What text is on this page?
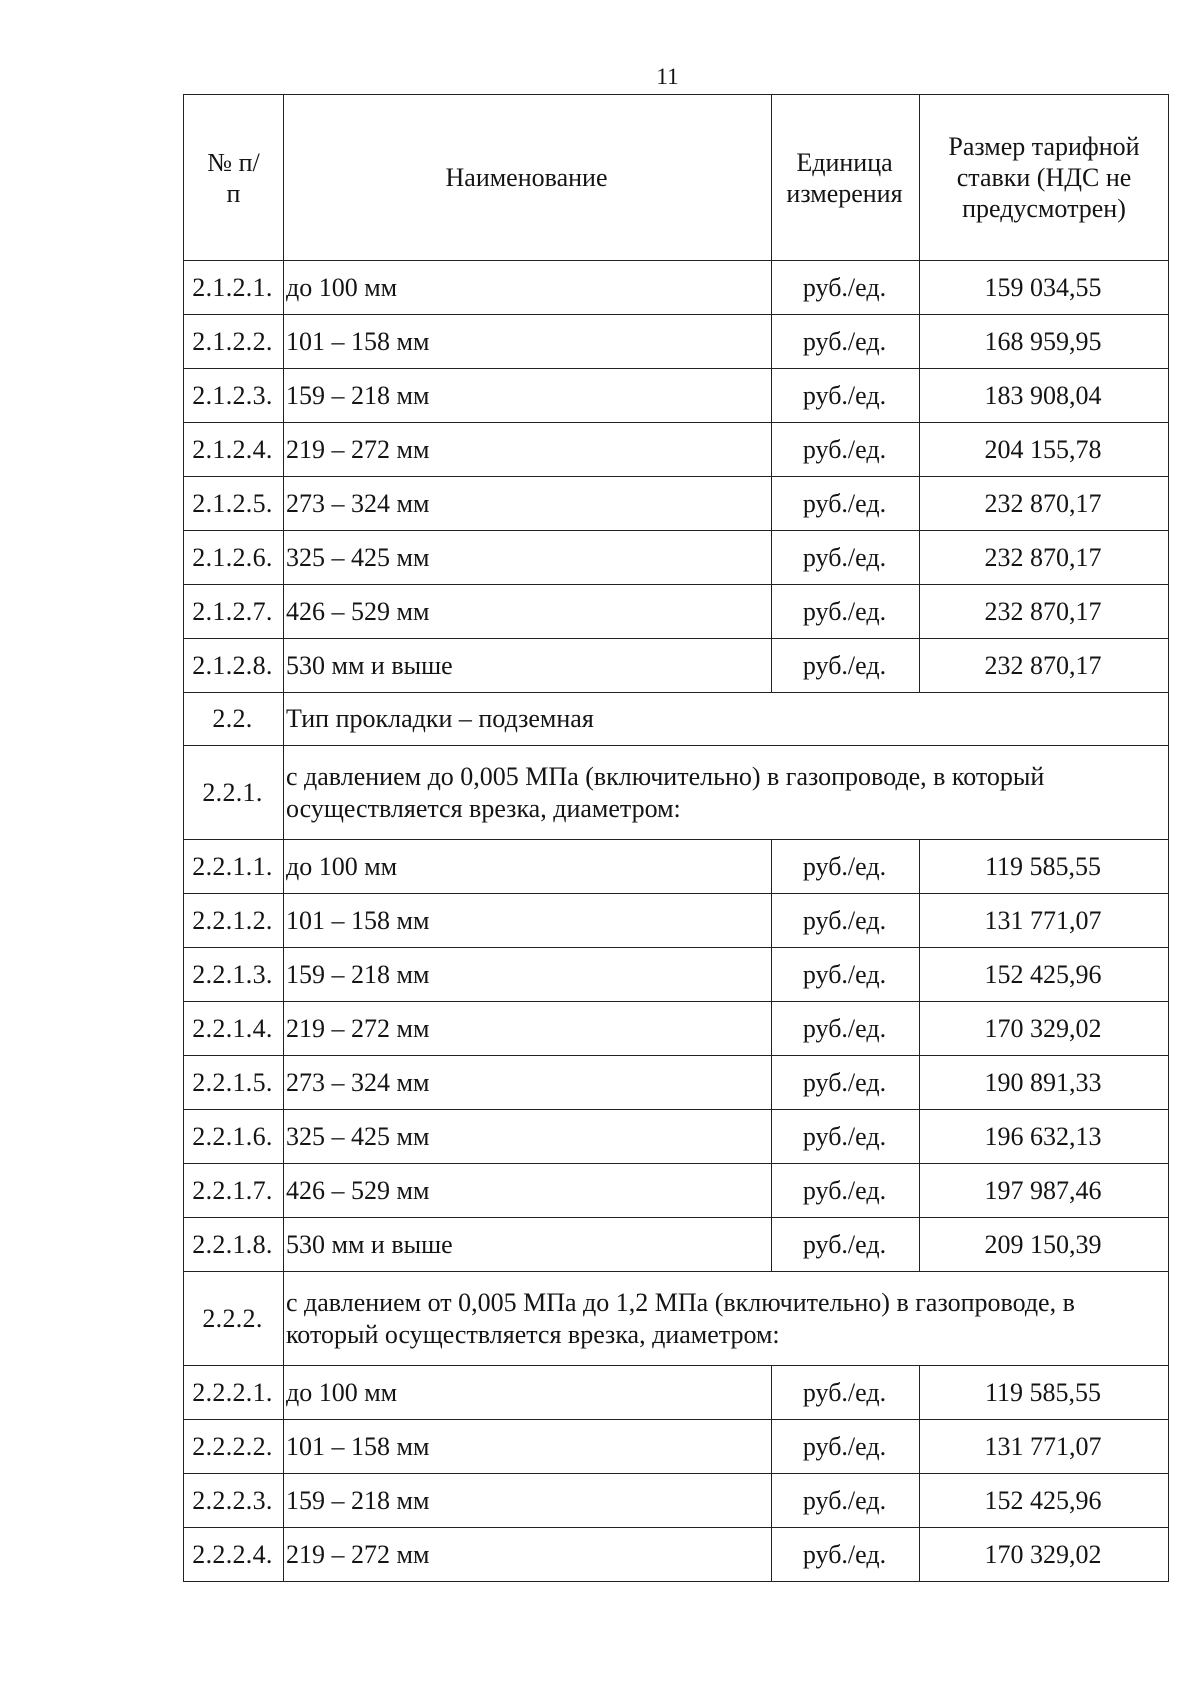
11
№ п/п	Наименование	Единица измерения	Размер тарифной ставки (НДС не предусмотрен)
2.1.2.1.	до 100 мм	руб./ед.	159 034,55
2.1.2.2.	101 – 158 мм	руб./ед.	168 959,95
2.1.2.3.	159 – 218 мм	руб./ед.	183 908,04
2.1.2.4.	219 – 272 мм	руб./ед.	204 155,78
2.1.2.5.	273 – 324 мм	руб./ед.	232 870,17
2.1.2.6.	325 – 425 мм	руб./ед.	232 870,17
2.1.2.7.	426 – 529 мм	руб./ед.	232 870,17
2.1.2.8.	530 мм и выше	руб./ед.	232 870,17
2.2.	Тип прокладки – подземная		
2.2.1.	с давлением до 0,005 МПа (включительно) в газопроводе, в который осуществляется врезка, диаметром:		
2.2.1.1.	до 100 мм	руб./ед.	119 585,55
2.2.1.2.	101 – 158 мм	руб./ед.	131 771,07
2.2.1.3.	159 – 218 мм	руб./ед.	152 425,96
2.2.1.4.	219 – 272 мм	руб./ед.	170 329,02
2.2.1.5.	273 – 324 мм	руб./ед.	190 891,33
2.2.1.6.	325 – 425 мм	руб./ед.	196 632,13
2.2.1.7.	426 – 529 мм	руб./ед.	197 987,46
2.2.1.8.	530 мм и выше	руб./ед.	209 150,39
2.2.2.	с давлением от 0,005 МПа до 1,2 МПа (включительно) в газопроводе, в который осуществляется врезка, диаметром:		
2.2.2.1.	до 100 мм	руб./ед.	119 585,55
2.2.2.2.	101 – 158 мм	руб./ед.	131 771,07
2.2.2.3.	159 – 218 мм	руб./ед.	152 425,96
2.2.2.4.	219 – 272 мм	руб./ед.	170 329,02
